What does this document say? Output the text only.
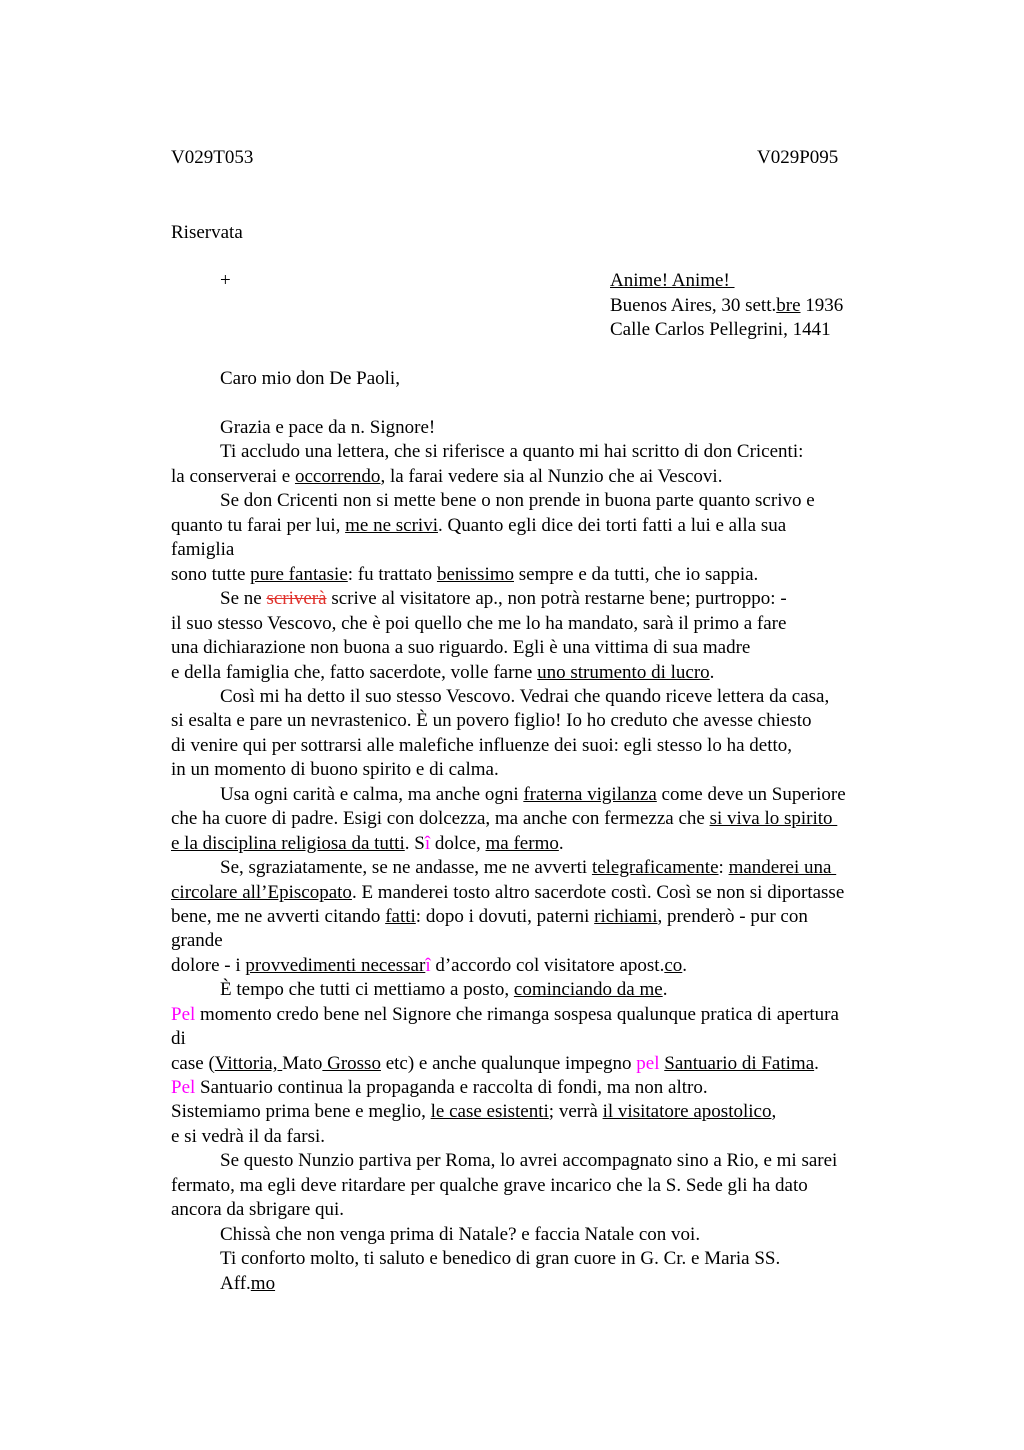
V029T053	V029P095
Riservata
+	Anime! Anime!
Buenos Aires, 30 sett.bre 1936
Calle Carlos Pellegrini, 1441
Caro mio don De Paoli,
Grazia e pace da n. Signore!
Ti accludo una lettera, che si riferisce a quanto mi hai scritto di don Cricenti:
la conserverai e occorrendo, la farai vedere sia al Nunzio che ai Vescovi.
Se don Cricenti non si mette bene o non prende in buona parte quanto scrivo e
quanto tu farai per lui, me ne scrivi. Quanto egli dice dei torti fatti a lui e alla sua
famiglia
sono tutte pure fantasie: fu trattato benissimo sempre e da tutti, che io sappia.
Se ne scriverà scrive al visitatore ap., non potrà restarne bene; purtroppo: -
il suo stesso Vescovo, che è poi quello che me lo ha mandato, sarà il primo a fare
una dichiarazione non buona a suo riguardo. Egli è una vittima di sua madre
e della famiglia che, fatto sacerdote, volle farne uno strumento di lucro.
Così mi ha detto il suo stesso Vescovo. Vedrai che quando riceve lettera da casa,
si esalta e pare un nevrastenico. È un povero figlio! Io ho creduto che avesse chiesto
di venire qui per sottrarsi alle malefiche influenze dei suoi: egli stesso lo ha detto,
in un momento di buono spirito e di calma.
Usa ogni carità e calma, ma anche ogni fraterna vigilanza come deve un Superiore
che ha cuore di padre. Esigi con dolcezza, ma anche con fermezza che si viva lo spirito
e la disciplina religiosa da tutti. Sî dolce, ma fermo.
Se, sgraziatamente, se ne andasse, me ne avverti telegraficamente: manderei una
circolare all’Episcopato. E manderei tosto altro sacerdote costì. Così se non si diportasse
bene, me ne avverti citando fatti: dopo i dovuti, paterni richiami, prenderò - pur con
grande
dolore - i provvedimenti necessarî d’accordo col visitatore apost.co.
È tempo che tutti ci mettiamo a posto, cominciando da me.
Pel momento credo bene nel Signore che rimanga sospesa qualunque pratica di apertura
di
case (Vittoria, Mato Grosso etc) e anche qualunque impegno pel Santuario di Fatima.
Pel Santuario continua la propaganda e raccolta di fondi, ma non altro.
Sistemiamo prima bene e meglio, le case esistenti; verrà il visitatore apostolico,
e si vedrà il da farsi.
Se questo Nunzio partiva per Roma, lo avrei accompagnato sino a Rio, e mi sarei
fermato, ma egli deve ritardare per qualche grave incarico che la S. Sede gli ha dato
ancora da sbrigare qui.
Chissà che non venga prima di Natale? e faccia Natale con voi.
Ti conforto molto, ti saluto e benedico di gran cuore in G. Cr. e Maria SS.
Aff.mo
